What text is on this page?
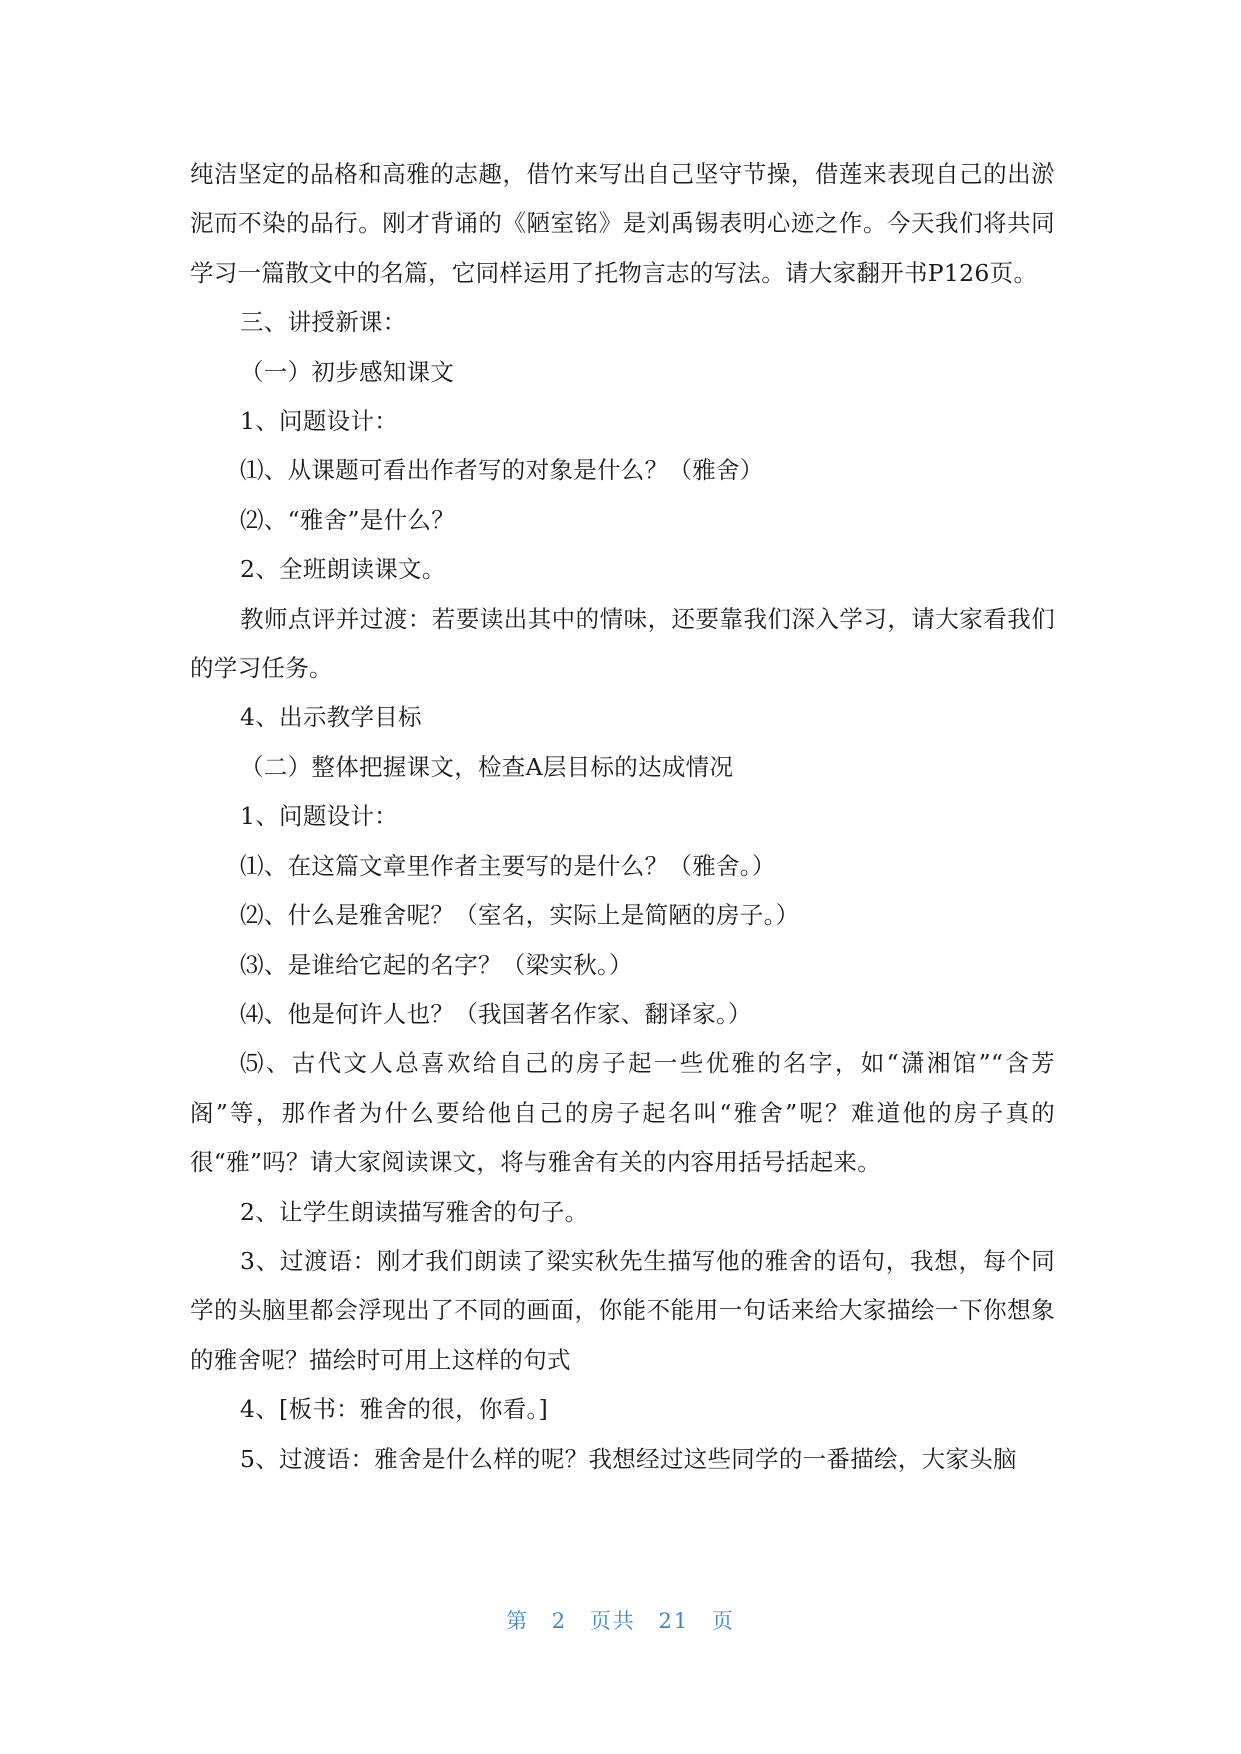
纯洁坚定的品格和高雅的志趣，借竹来写出自己坚守节操，借莲来表现自己的出淤泥而不染的品行。刚才背诵的《陋室铭》是刘禹锡表明心迹之作。今天我们将共同学习一篇散文中的名篇，它同样运用了托物言志的写法。请大家翻开书P126页。

三、讲授新课：

（一）初步感知课文

1、问题设计：

⑴、从课题可看出作者写的对象是什么？（雅舍）

⑵、“雅舍”是什么？

2、全班朗读课文。

教师点评并过渡：若要读出其中的情味，还要靠我们深入学习，请大家看我们的学习任务。

4、出示教学目标

（二）整体把握课文，检查A层目标的达成情况

1、问题设计：

⑴、在这篇文章里作者主要写的是什么？（雅舍。）

⑵、什么是雅舍呢？（室名，实际上是简陋的房子。）

⑶、是谁给它起的名字？（梁实秋。）

⑷、他是何许人也？（我国著名作家、翻译家。）

⑸、古代文人总喜欢给自己的房子起一些优雅的名字，如“潇湘馆”“含芳阁”等，那作者为什么要给他自己的房子起名叫“雅舍”呢？难道他的房子真的很“雅”吗？请大家阅读课文，将与雅舍有关的内容用括号括起来。

2、让学生朗读描写雅舍的句子。

3、过渡语：刚才我们朗读了梁实秋先生描写他的雅舍的语句，我想，每个同学的头脑里都会浮现出了不同的画面，你能不能用一句话来给大家描绘一下你想象的雅舍呢？描绘时可用上这样的句式

4、[板书：雅舍的很，你看。]

5、过渡语：雅舍是什么样的呢？我想经过这些同学的一番描绘，大家头脑

第 2 页共 21 页
